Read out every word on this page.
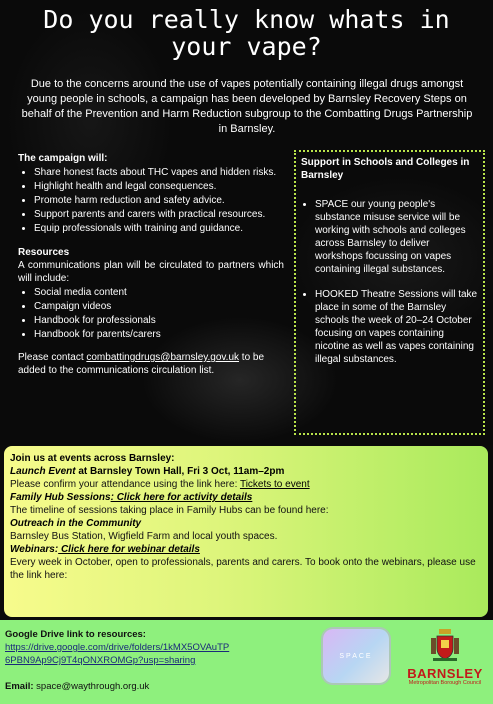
Do you really know whats in
your vape?
Due to the concerns around the use of vapes potentially containing illegal drugs amongst young people in schools, a campaign has been developed by Barnsley Recovery Steps on behalf of the Prevention and Harm Reduction subgroup to the Combatting Drugs Partnership in Barnsley.
The campaign will:
• Share honest facts about THC vapes and hidden risks.
• Highlight health and legal consequences.
• Promote harm reduction and safety advice.
• Support parents and carers with practical resources.
• Equip professionals with training and guidance.
Resources
A communications plan will be circulated to partners which will include:
• Social media content
• Campaign videos
• Handbook for professionals
• Handbook for parents/carers
Please contact combattingdrugs@barnsley.gov.uk to be added to the communications circulation list.
Support in Schools and Colleges in Barnsley
• SPACE our young people's substance misuse service will be working with schools and colleges across Barnsley to deliver workshops focussing on vapes containing illegal substances.
• HOOKED Theatre Sessions will take place in some of the Barnsley schools the week of 20–24 October focusing on vapes containing nicotine as well as vapes containing illegal substances.

Join us at events across Barnsley:

Launch Event at Barnsley Town Hall, Fri 3 Oct, 11am–2pm

Please confirm your attendance using the link here: Tickets to event

Family Hub Sessions: Click here for activity details

The timeline of sessions taking place in Family Hubs can be found here:

Outreach in the Community

Barnsley Bus Station, Wigfield Farm and local youth spaces.

Webinars: Click here for webinar details

Every week in October, open to professionals, parents and carers. To book onto the webinars, please use the link here:

Google Drive link to resources:
https://drive.google.com/drive/folders/1kMX5OVAuTP
6PBN9Ap9Cj9T4qONXROMGp?usp=sharing
Email: space@waythrough.org.uk
SPACE
BARNSLEY
Metropolitan Borough Council
